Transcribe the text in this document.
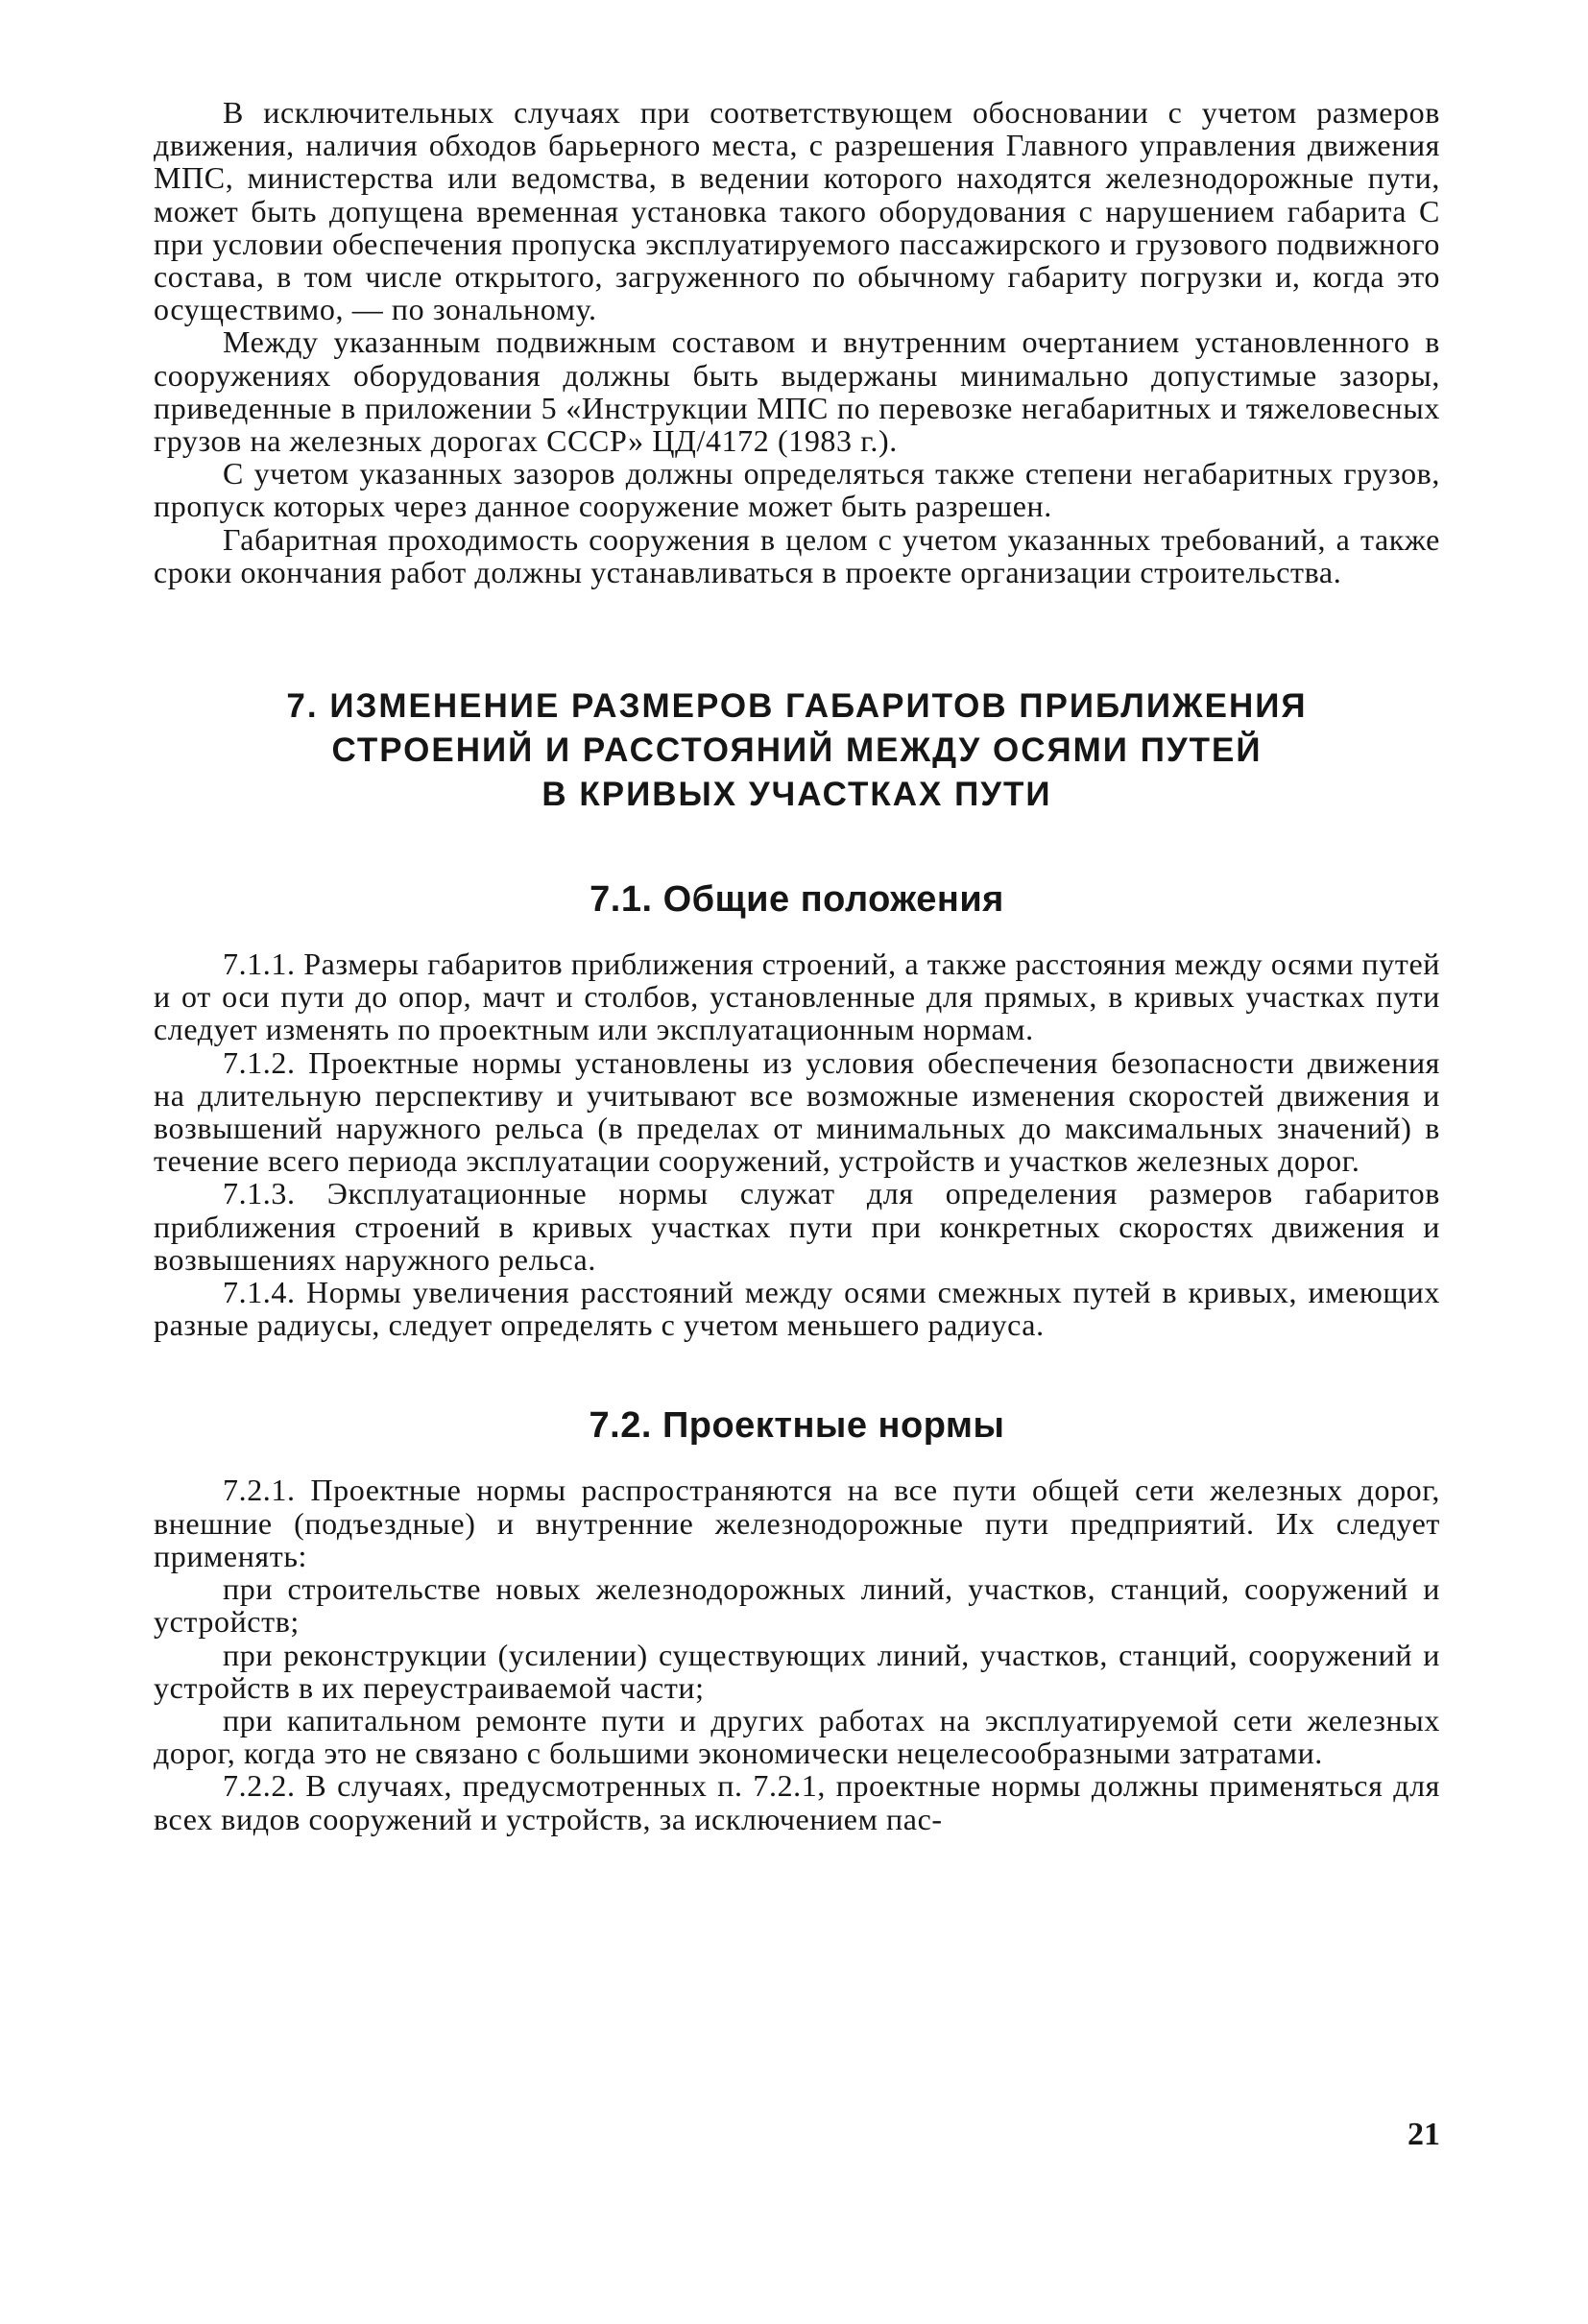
В исключительных случаях при соответствующем обосновании с учетом размеров движения, наличия обходов барьерного места, с разрешения Главного управления движения МПС, министерства или ведомства, в ведении которого находятся железнодорожные пути, может быть допущена временная установка такого оборудования с нарушением габарита С при условии обеспечения пропуска эксплуатируемого пассажирского и грузового подвижного состава, в том числе открытого, загруженного по обычному габариту погрузки и, когда это осуществимо, — по зональному.

Между указанным подвижным составом и внутренним очертанием установленного в сооружениях оборудования должны быть выдержаны минимально допустимые зазоры, приведенные в приложении 5 «Инструкции МПС по перевозке негабаритных и тяжеловесных грузов на железных дорогах СССР» ЦД/4172 (1983 г.).

С учетом указанных зазоров должны определяться также степени негабаритных грузов, пропуск которых через данное сооружение может быть разрешен.

Габаритная проходимость сооружения в целом с учетом указанных требований, а также сроки окончания работ должны устанавливаться в проекте организации строительства.

7. ИЗМЕНЕНИЕ РАЗМЕРОВ ГАБАРИТОВ ПРИБЛИЖЕНИЯ

СТРОЕНИЙ И РАССТОЯНИЙ МЕЖДУ ОСЯМИ ПУТЕЙ

В КРИВЫХ УЧАСТКАХ ПУТИ

7.1. Общие положения

7.1.1. Размеры габаритов приближения строений, а также расстояния между осями путей и от оси пути до опор, мачт и столбов, установленные для прямых, в кривых участках пути следует изменять по проектным или эксплуатационным нормам.

7.1.2. Проектные нормы установлены из условия обеспечения безопасности движения на длительную перспективу и учитывают все возможные изменения скоростей движения и возвышений наружного рельса (в пределах от минимальных до максимальных значений) в течение всего периода эксплуатации сооружений, устройств и участков железных дорог.

7.1.3. Эксплуатационные нормы служат для определения размеров габаритов приближения строений в кривых участках пути при конкретных скоростях движения и возвышениях наружного рельса.

7.1.4. Нормы увеличения расстояний между осями смежных путей в кривых, имеющих разные радиусы, следует определять с учетом меньшего радиуса.

7.2. Проектные нормы

7.2.1. Проектные нормы распространяются на все пути общей сети железных дорог, внешние (подъездные) и внутренние железнодорожные пути предприятий. Их следует применять:

при строительстве новых железнодорожных линий, участков, станций, сооружений и устройств;

при реконструкции (усилении) существующих линий, участков, станций, сооружений и устройств в их переустраиваемой части;

при капитальном ремонте пути и других работах на эксплуатируемой сети железных дорог, когда это не связано с большими экономически нецелесообразными затратами.

7.2.2. В случаях, предусмотренных п. 7.2.1, проектные нормы должны применяться для всех видов сооружений и устройств, за исключением пас-

21
